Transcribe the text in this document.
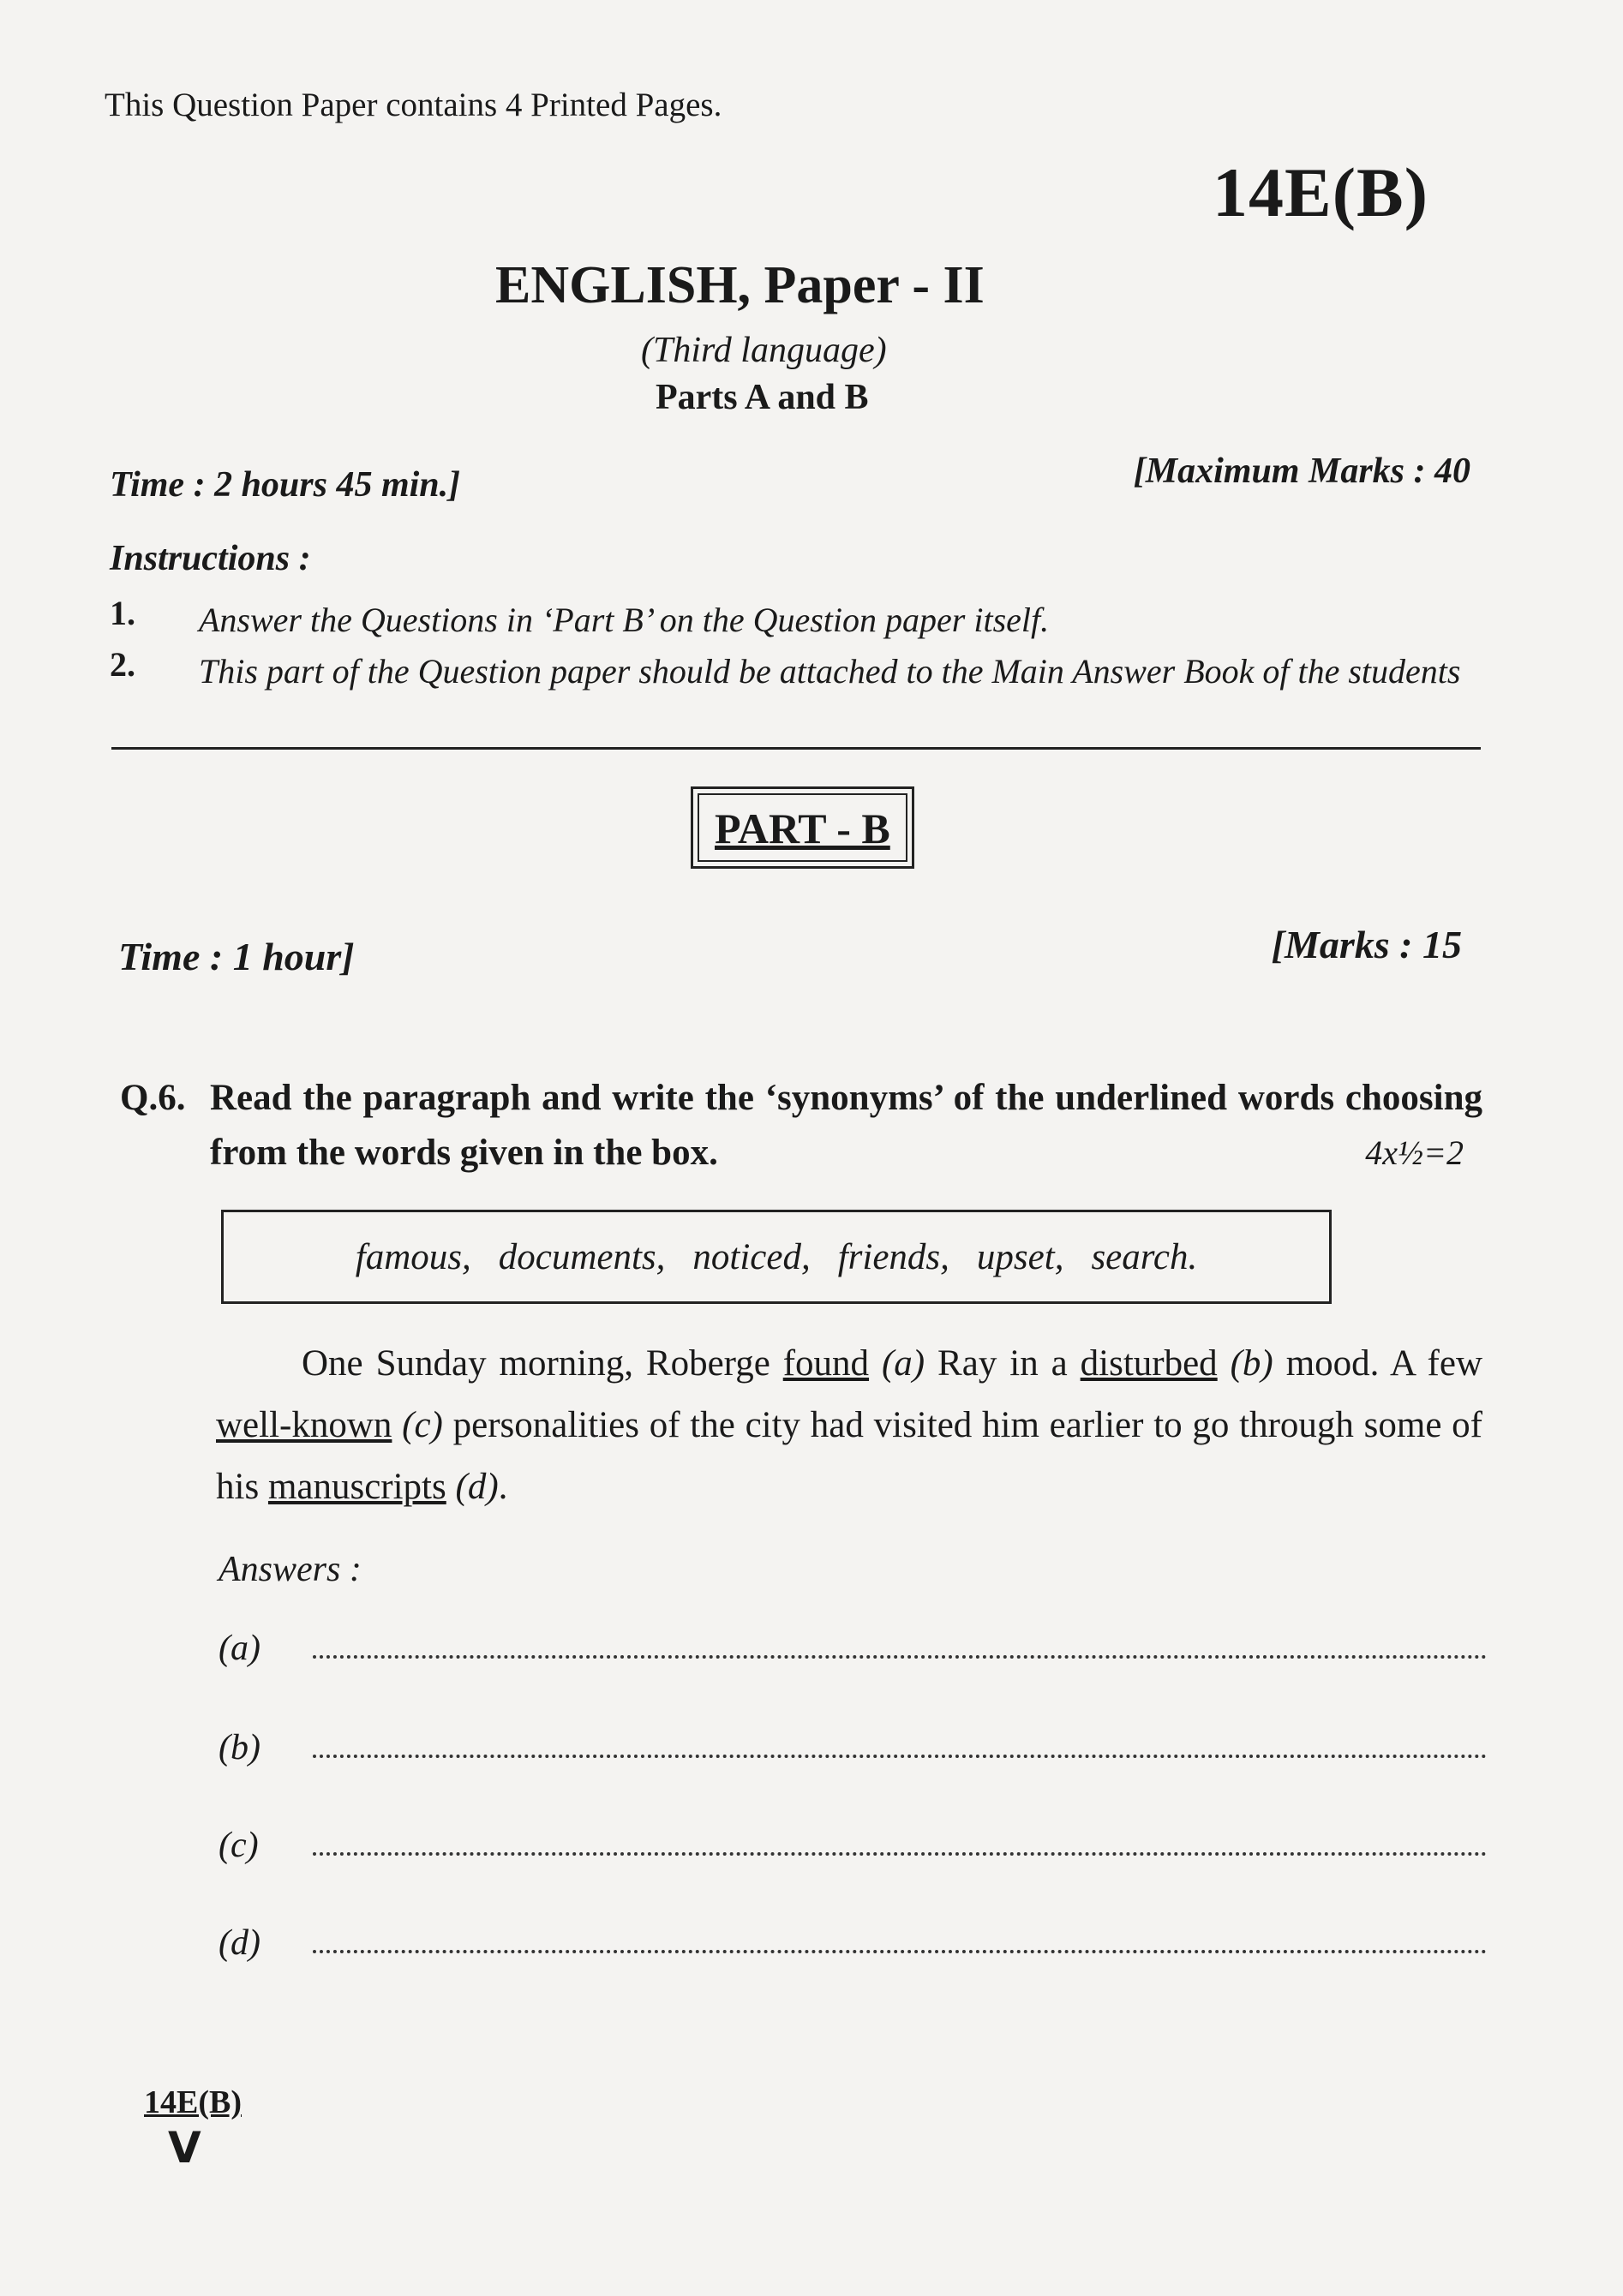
This Question Paper contains 4 Printed Pages.
14E(B)
ENGLISH, Paper - II
(Third language)
Parts A and B
Time : 2 hours 45 min.]	[Maximum Marks : 40
Instructions :
1.	Answer the Questions in ‘Part B’ on the Question paper itself.
2.	This part of the Question paper should be attached to the Main Answer Book of the students
PART - B
Time : 1 hour]	[Marks : 15
Q.6. Read the paragraph and write the ‘synonyms’ of the underlined words choosing from the words given in the box.	4x½=2
famous, documents, noticed, friends, upset, search.
One Sunday morning, Roberge found (a) Ray in a disturbed (b) mood. A few well-known (c) personalities of the city had visited him earlier to go through some of his manuscripts (d).
Answers :
(a)
(b)
(c)
(d)
14E(B)
V
